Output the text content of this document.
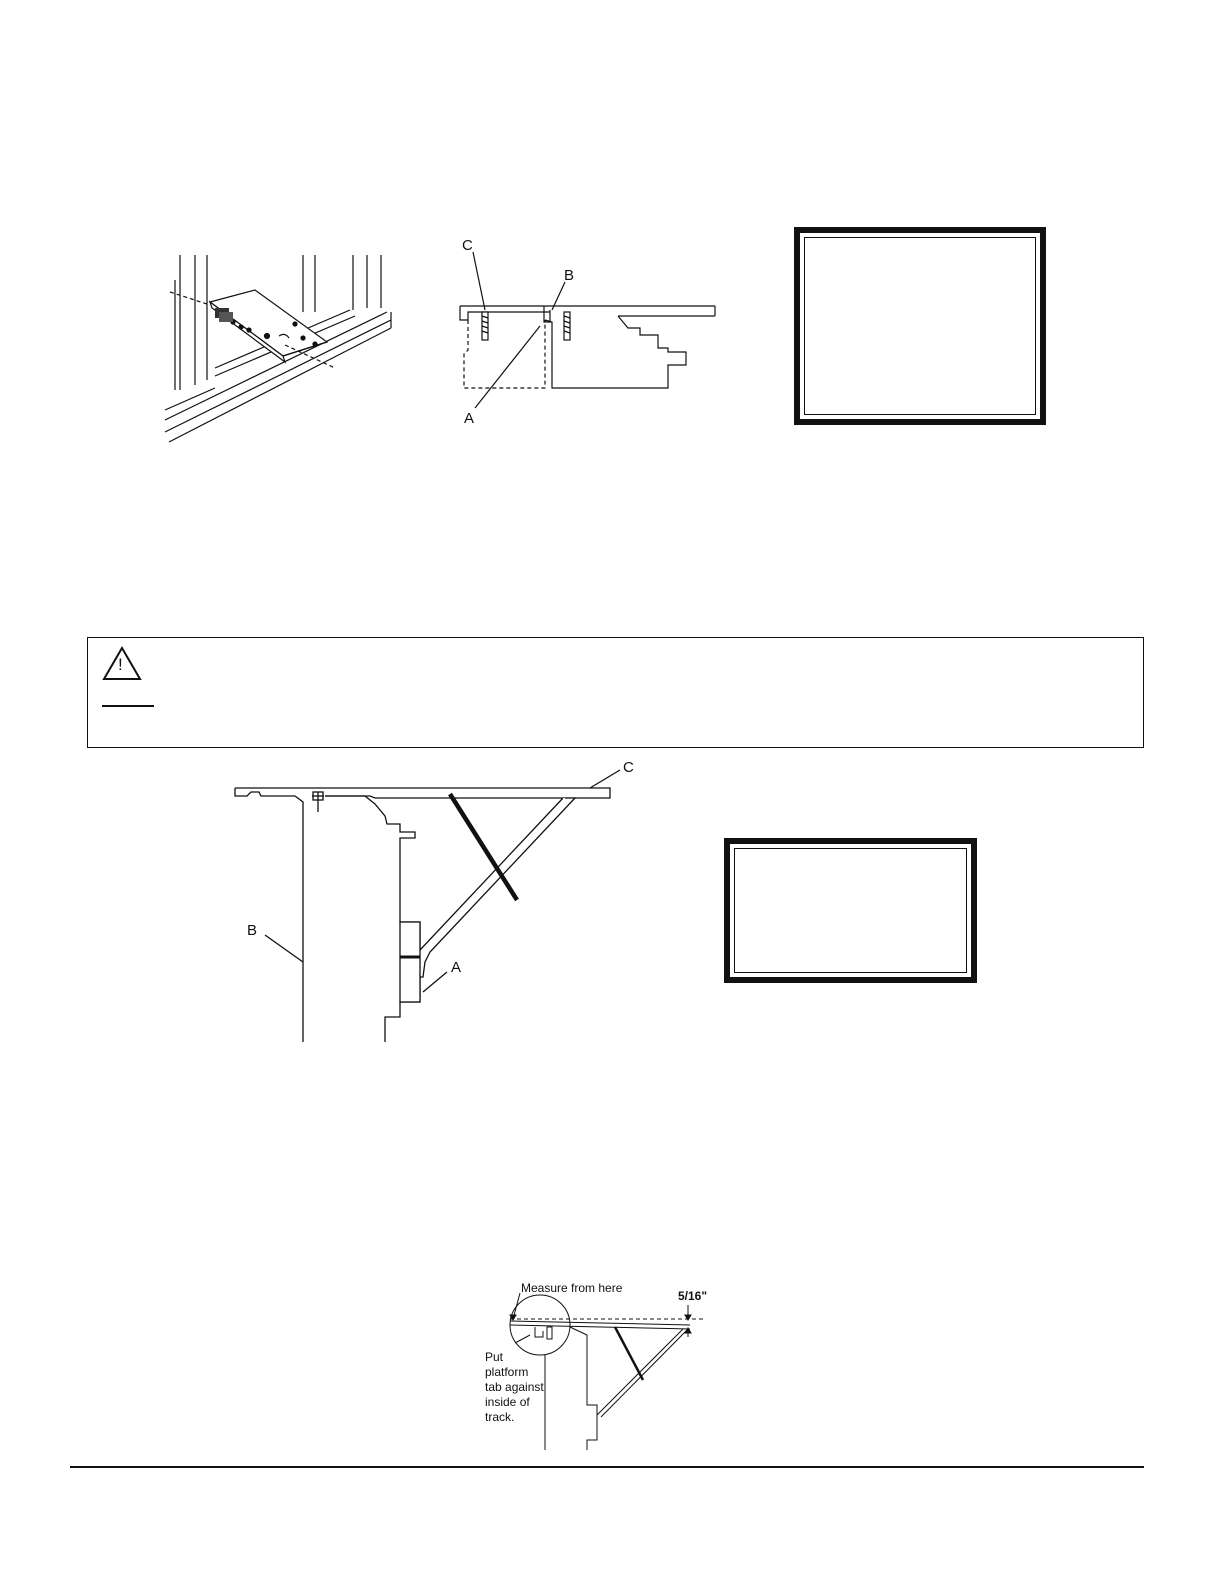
C
B
A
!
C
B
A
Measure from here
5/16"
Put
platform
tab against
inside of
track.
